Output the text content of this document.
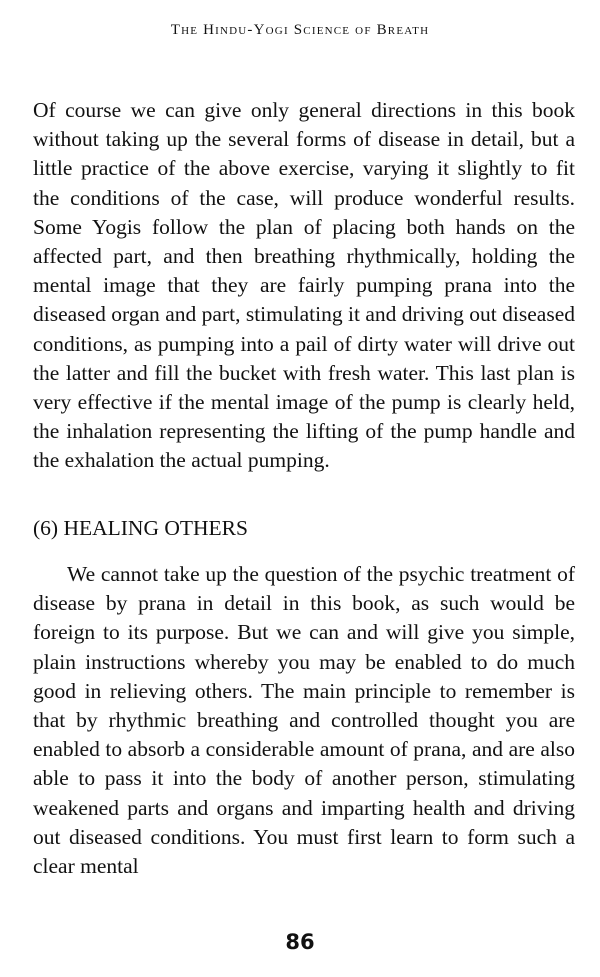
The Hindu-Yogi Science of Breath

Of course we can give only general directions in this book without taking up the several forms of disease in detail, but a little practice of the above exercise, varying it slightly to fit the conditions of the case, will produce wonderful results. Some Yogis follow the plan of placing both hands on the affected part, and then breathing rhythmically, holding the mental image that they are fairly pumping prana into the diseased organ and part, stimulating it and driving out diseased conditions, as pumping into a pail of dirty water will drive out the latter and fill the bucket with fresh water. This last plan is very effective if the mental image of the pump is clearly held, the inhalation representing the lifting of the pump handle and the exhalation the actual pumping.

(6) HEALING OTHERS

We cannot take up the question of the psychic treatment of disease by prana in detail in this book, as such would be foreign to its purpose. But we can and will give you simple, plain instructions whereby you may be enabled to do much good in relieving others. The main principle to remember is that by rhythmic breathing and controlled thought you are enabled to absorb a considerable amount of prana, and are also able to pass it into the body of another person, stimulating weakened parts and organs and imparting health and driving out diseased conditions. You must first learn to form such a clear mental

86
